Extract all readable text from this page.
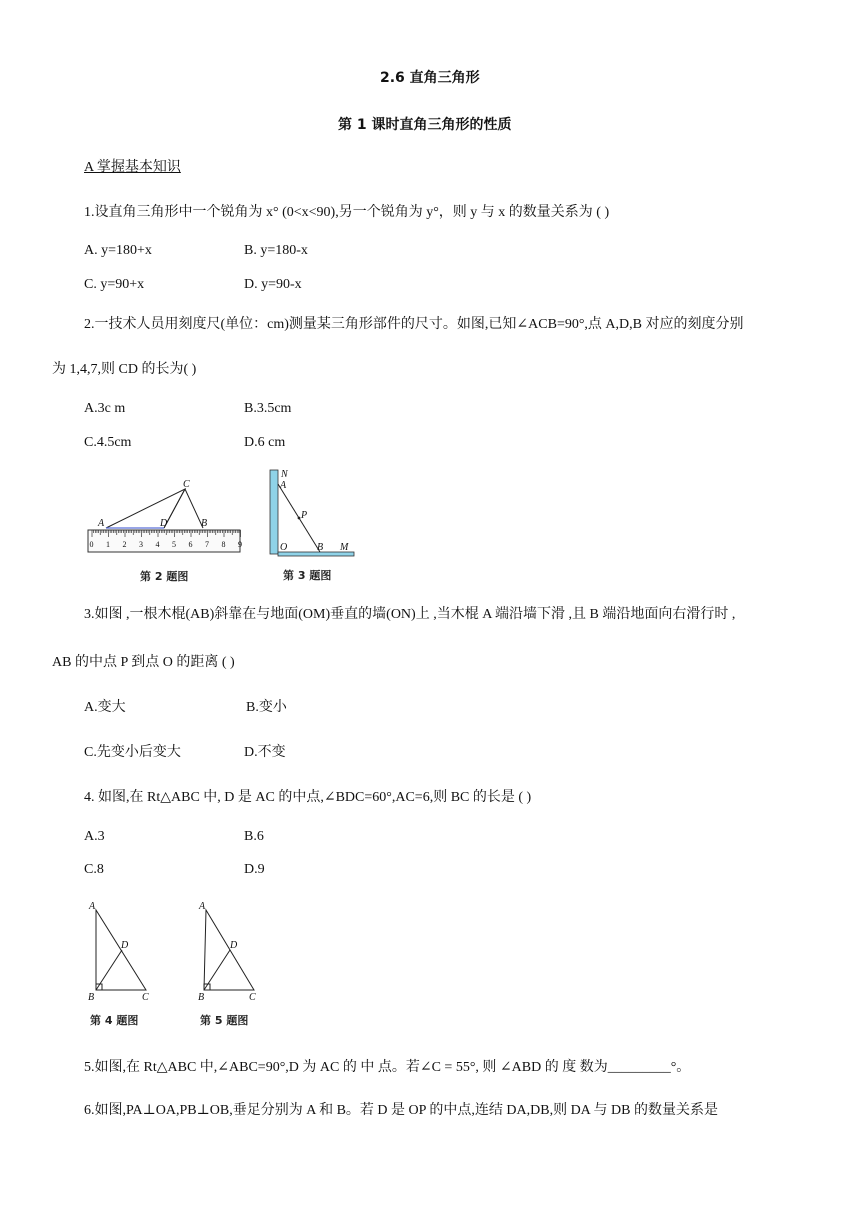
2.6 直角三角形
第 1 课时直角三角形的性质
A 掌握基本知识
1.设直角三角形中一个锐角为 x° (0<x<90),另一个锐角为 y°，则 y 与 x 的数量关系为 ( )
A. y=180+x	B. y=180-x
C. y=90+x	D. y=90-x
2.一技术人员用刻度尺(单位：cm)测量某三角形部件的尺寸。如图,已知∠ACB=90°,点 A,D,B 对应的刻度分别
为 1,4,7,则 CD 的长为( )
A.3c m	B.3.5cm
C.4.5cm	D.6 cm
0 1 2 3 4 5 6 7 8 9
A
C
D	B
第 2 题图
N
A
P
O	B M
第 3 题图
3.如图 ,一根木棍(AB)斜靠在与地面(OM)垂直的墙(ON)上 ,当木棍 A 端沿墙下滑 ,且 B 端沿地面向右滑行时 ,
AB 的中点 P 到点 O 的距离 ( )
A.变大	B.变小
C.先变小后变大	D.不变
4. 如图,在 Rt△ABC 中, D 是 AC 的中点,∠BDC=60°,AC=6,则 BC 的长是 ( )
A.3	B.6
C.8	D.9
A
D
B	C
第 4 题图
A
D
B	C
第 5 题图
5.如图,在 Rt△ABC 中,∠ABC=90°,D 为 AC 的 中 点。若∠C = 55°, 则 ∠ABD 的 度 数为_________°。
6.如图,PA⊥OA,PB⊥OB,垂足分别为 A 和 B。若 D 是 OP 的中点,连结 DA,DB,则 DA 与 DB 的数量关系是
